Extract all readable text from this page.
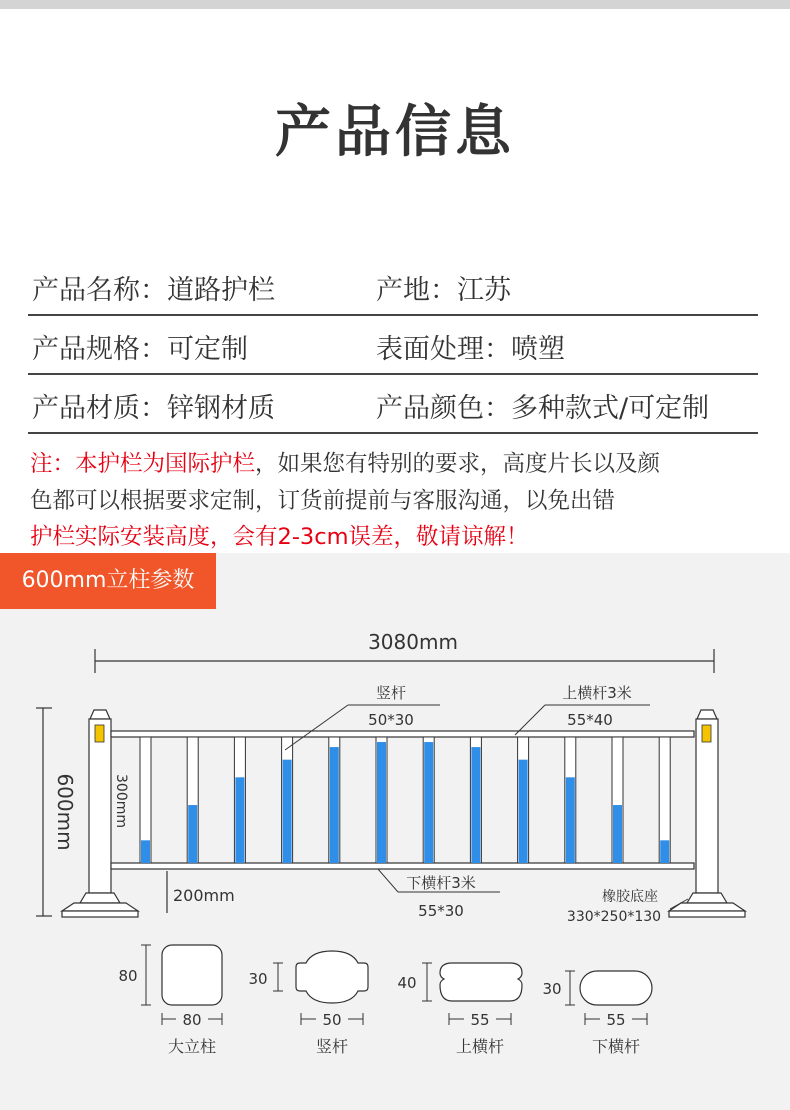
产品信息
产品名称：道路护栏	产地：江苏
产品规格：可定制	表面处理：喷塑
产品材质：锌钢材质	产品颜色：多种款式/可定制
注：本护栏为国际护栏，如果您有特别的要求，高度片长以及颜
色都可以根据要求定制，订货前提前与客服沟通，以免出错
护栏实际安装高度，会有2-3cm误差，敬请谅解！
600mm立柱参数
3080mm
600mm	300mm
200mm
竖杆
50*30
上横杆3米
55*40
下横杆3米
55*30
橡胶底座
330*250*130
80
80
大立柱
30
50
竖杆
40
55
上横杆
30
55
下横杆
